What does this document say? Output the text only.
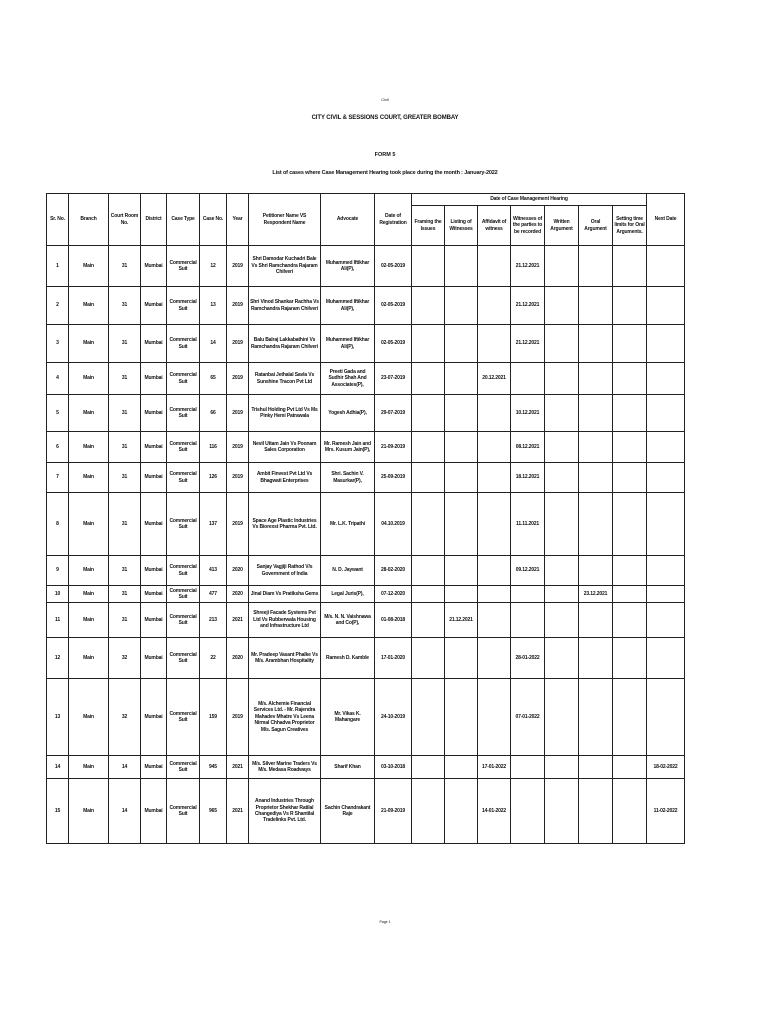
Civil
CITY CIVIL & SESSIONS COURT, GREATER BOMBAY
FORM 5
List of cases where Case Management Hearing took place during the month : January-2022
Sr. No.	Branch	Court Room No.	District	Case Type	Case No.	Year	Petitioner Name VS Respondent Name	Advocate	Date of Registration	Date of Case Management Hearing							Next Date
										Framing the Issues	Listing of Witnesses	Affidavit of witness	Witnesses of the parties to be recorded	Written Argument	Oral Argument	Setting time limits for Oral Arguments.	
1	Main	31	Mumbai	Commercial Suit	12	2019	Shri Damodar Kuchadri Bale Vs Shri Ramchandra Rajaram Chilveri	Muhammed Iftikhar Ali(P),	02-05-2019				21.12.2021				
2	Main	31	Mumbai	Commercial Suit	13	2019	Shri Vinod Shankar Rachha Vs Ramchandra Rajaram Chilveri	Muhammed Iftikhar Ali(P),	02-05-2019				21.12.2021				
3	Main	31	Mumbai	Commercial Suit	14	2019	Balu Balraj Lakkabathini Vs Ramchandra Rajaram Chilveri	Muhammed Iftikhar Ali(P),	02-05-2019				21.12.2021				
4	Main	31	Mumbai	Commercial Suit	65	2019	Ratanbai Jethalal Savla Vs Sunshine Tracon Pvt Ltd	Preeti Gada and Sudhir Shah And Associates(P),	23-07-2019			20.12.2021					
5	Main	31	Mumbai	Commercial Suit	66	2019	Trishul Holding Pvt Ltd Vs Ms Pinky Hemi Patrawala	Yogesh Adhia(P),	29-07-2019				10.12.2021				
6	Main	31	Mumbai	Commercial Suit	116	2019	Nevil Uttam Jain Vs Poonam Sales Corporation	Mr. Ramesh Jain and Mrs. Kusum Jain(P),	21-09-2019				08.12.2021				
7	Main	31	Mumbai	Commercial Suit	126	2019	Ambit Finvest Pvt Ltd Vs Bhagwati Enterprises	Shri. Sachin V. Masurkar(P),	25-09-2019				18.12.2021				
8	Main	31	Mumbai	Commercial Suit	137	2019	Space Age Plastic Industries Vs Biorexst Pharma Pvt. Ltd.	Mr. L.K. Tripathi	04.10.2019				11.11.2021				
9	Main	31	Mumbai	Commercial Suit	413	2020	Sanjay Vagjiji Rathod V/s Government of India	N. D. Jaywant	28-02-2020				09.12.2021				
10	Main	31	Mumbai	Commercial Suit	477	2020	Jinal Diam Vs Pratiksha Gems	Legal Juris(P),	07-12-2020						23.12.2021		
11	Main	31	Mumbai	Commercial Suit	213	2021	Shreeji Facade Systems Pvt Ltd Vs Rubberwala Housing and Infrastructure Ltd	M/s. N. N. Vaishnawa and Co(P),	01-08-2018		21.12.2021						
12	Main	32	Mumbai	Commercial Suit	22	2020	Mr. Pradeep Vasant Phalke Vs M/s. Arambhan Hospitality	Ramesh D. Kamble	17-01-2020				28-01-2022				
13	Main	32	Mumbai	Commercial Suit	159	2019	M/s. Alchemie Financial Services Ltd. - Mr. Rajendra Mahadev Mhatre Vs Leena Nirmal Chhadva Proprietor M/s. Sagun Creatives	Mr. Vikas K. Mahangare	24-10-2019				07-01-2022				
14	Main	14	Mumbai	Commercial Suit	945	2021	M/s. Silver Marine Traders Vs M/s. Medasa Roadways	Sharif Khan	03-10-2018			17-01-2022					18-02-2022
15	Main	14	Mumbai	Commercial Suit	965	2021	Anand Industries Through Proprietor Shekhar Ratilal Changediya Vs R Shantilal Tradelinks Pvt. Ltd.	Sachin Chandrakant Raje	21-09-2019			14-01-2022					11-02-2022
Page 1
